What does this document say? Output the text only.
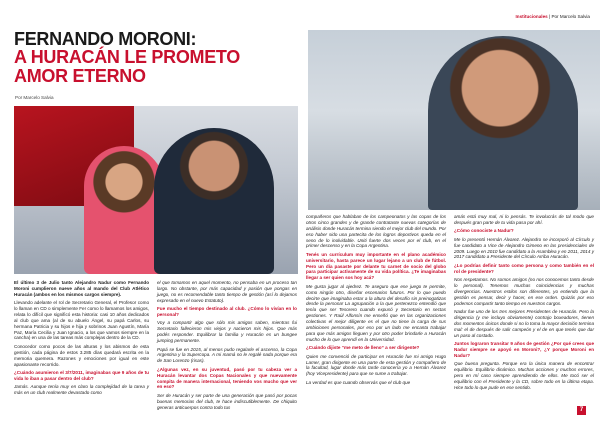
Institucionales | Por Marcelo Salvia
FERNANDO MORONI:
A HURACÁN LE PROMETO
AMOR ETERNO
Por Marcelo Salvia

El último 3 de Julio tanto Alejandro Nadur como Fernando Moroni cumplieron nueve años al mando del Club Atlético Huracán (ambos en los mismos cargos siempre).

Llevando adelante el rol de Secretario General, el Profesor como lo llaman en CD o simplemente Fer como lo llamamos los amigos, relata lo difícil que significó esta historia: casi 10 años dedicados al club que ama (al de su abuelo Ángel, su papá Carlos, su hermana Patricia y su hijos e hija y sobrinos Juan Agustín, María Paz, María Cecilia y Juan Ignacio, a los que vamos siempre en la cancha) en una de las tareas más complejas dentro de la CD.

Conocedor como pocos de las alturas y los abismos de esta gestión, cada página de estos 3.285 días quedará escrita en la memoria quemera. Razones y emociones por igual en este apasionante recorrido.

¿Cuándo asumieron el 3/7/2011, imaginabas que 9 años de tu vida lo iban a pasar dentro del club?

Jamás. Aunque tenía muy en claro la complejidad de la tarea y más en un club realmente devastado como

el que tomamos en aquel momento, no pensaba en un proceso tan largo. No obstante, por más capacidad y pasión que pongas en juego, no es recomendable tanto tiempo de gestión (así lo dejamos expresado en el nuevo Estatuto).

Fue mucho el tiempo destinado al club. ¿Cómo lo vivían en lo personal?

Voy a compartir algo que sólo mis amigos saben, mientras fui Secretario fallecieron mis viejos y nacieron mis hijos. Que más podés responder. Equilibrar la familia y Huracán es un bungee jumping permanente.

Papá se fue en 2015, al menos pudo regalarle el ascenso, la Copa Argentina y la Supercopa. A mi mamá no le regalé nada porque era de San Lorenzo (risas).

¿Algunas vez, en su juventud, pasó por tu cabeza ver a Huracán levantar dos Copas Nacionales y que nuevamente compita de manera internacional, teniendo vos mucho que ver en eso?

Ser de Huracán y ser parte de una generación que pasó por pocas buenas memorias del club, te hace indiscutiblemente. De chiquito generas anticuerpos contra todo tus

compañeros que hablaban de los campeonatos y las copas de los otros cinco grandes y de grande contrataste nuevas categorías de análisis donde Huracán termina siendo el mejor club del mundo. Por eso haber sido una partecita de los logros deportivos queda en el seno de lo inolvidable. Uniti fuerte dos veces por el club, en el primer descenso y en la Copa Argentina.

Tenés un currículum muy importante en el plano académico universitario, hasta parece un lugar lejano a un club de fútbol. Pero un día pasaste por delante tu carnet de socio del globo para participar activamente de su vida política. ¿Te imaginabas llegar a ser quien sos hoy acá?

Me gusta jugar al ajedrez. Te aseguro que ese juego te permite, como ningún otro, diseñar escenarios futuros. Por lo que puedo decirte que imaginaba estar a la altura del desafío sin preinogatizas desde la persona! La agrupación a la que pertenezco entendió que tenía que ser Tesorero cuando expusó y Secretario en sectas gestiones. Y Raúl Alfonsín me enseñó que en las organizaciones colectivas el mejor diligente es el que no tiene la carga de sus ambiciones personales, por eso por un lado me encanta trabajar para que más amigos lleguen y por otro poder brindarle a Huracán mucho de lo que aprendí en la Universidad.

¿Cuándo dijiste “me meto de lleno” a ser dirigente?

Quien me convenció de participar en Huracán fue mi amigo Hugo Lamer, gran dirigente en una parte de esta gestión y compañero de la facultad, lugar donde más tarde conocería yo a Hernán Álvarez (hoy Vicepresidente) para que se sume a trabajar.

La verdad es que cuando observás que el club que

amás está muy mal, ni lo pensás. Te involucrás de tal modo que después gran parte de tu vida pasa por ahí.

¿Cómo conociste a Nadur?

Me lo presentó Hernán Álvarez. Alejandro se incorporó al Círculo y fue candidato a Vice de Alejandro Gimeno en las presidenciales de 2009. Luego en 2010 fue candidato a la Asamblea y en 2011, 2014 y 2017 candidato a Presidente del Círculo Arriba Huracán.

¿Lo podrías definir tanto como persona y como también en el rol de presidente?

Nos respetamos. No somos amigos (no nos conocemos tanto desde lo personal). Tenemos muchas coincidencias y muchas divergencias. Nuestros estilos son diferentes, yo entiendo que la gestión es pensar, decir y hacer, en ese orden. Quizás por eso podemos compartir tanto tiempo en nuestros cargos.

Nadur fue uno de los tres mejores Presidentes de Huracán. Pero la dirigencia (y me incluyo obviamente) contrajo boxeadores, tienen dos momentos únicos donde si no lo toma la mayor decisión termina mal: el de después de salir campeón y el de en que tenés que dar un paso al costado.

Juntos lograron transitar 9 años de gestión ¿Por qué crees que Nadur siempre se apoyó en Moroni?, ¿Y porque Moroni en Nadur?

Que buena pregunta. Porque era la única manera de encontrar equilibrio. Equilibrio dinámico. Muchas acciones y muchos errores, pero en mí caso siempre aprendiendo de ellos. Me tocó ser el equilibrio con el Presidente y la CD, sobre todo en la última etapa. Hice todo lo que pude en ese sentido.

7
